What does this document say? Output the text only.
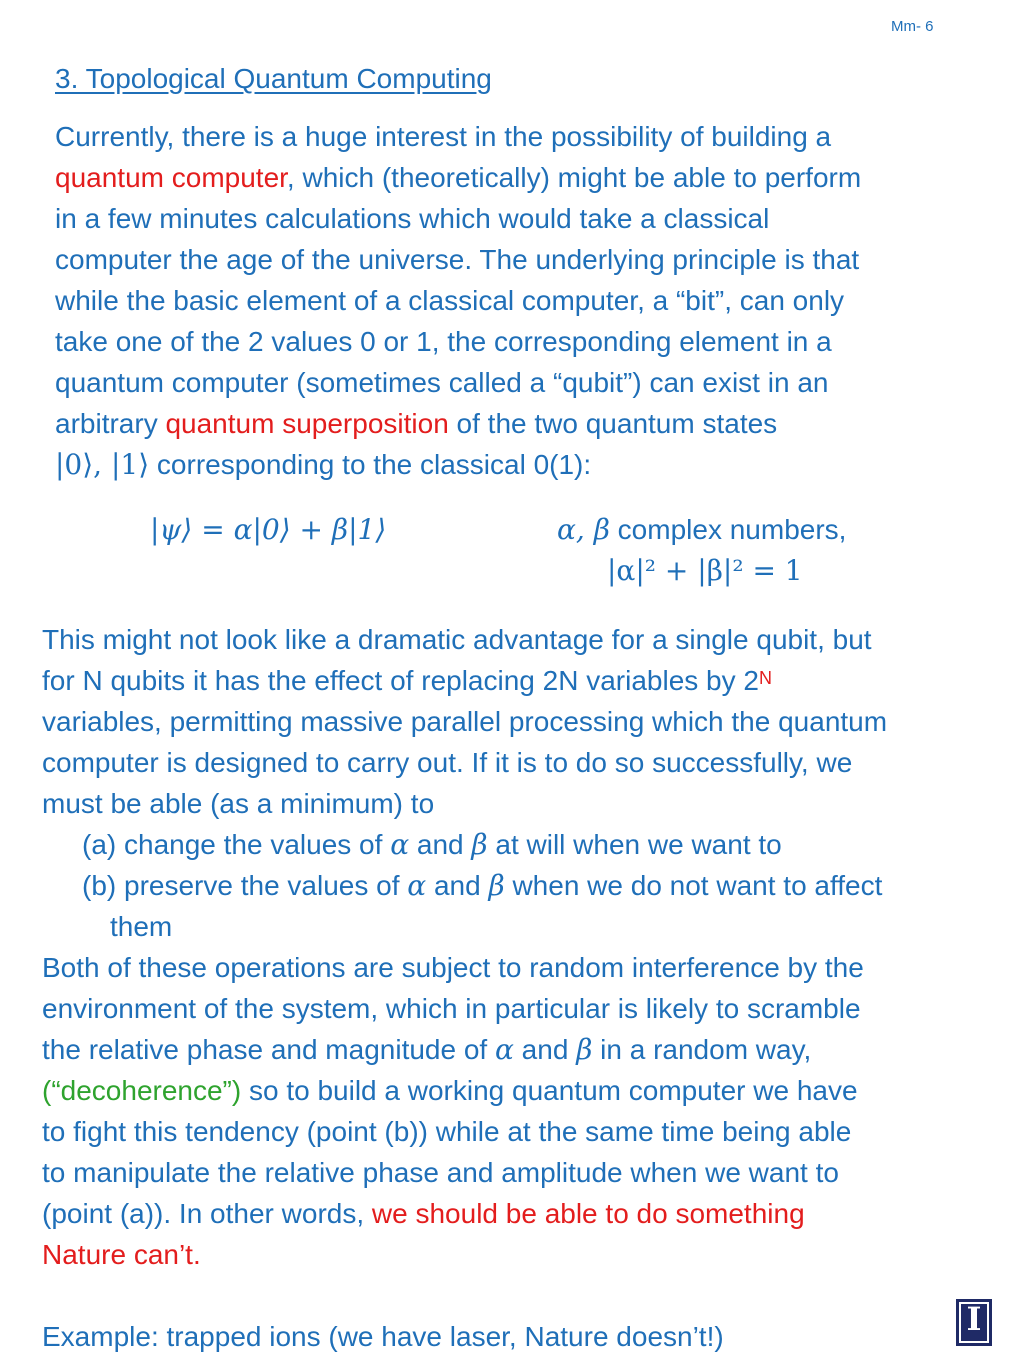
Mm- 6
3. Topological Quantum Computing
Currently, there is a huge interest in the possibility of building a
quantum computer, which (theoretically) might be able to perform
in a few minutes calculations which would take a classical
computer the age of the universe. The underlying principle is that
while the basic element of a classical computer, a “bit”, can only
take one of the 2 values 0 or 1, the corresponding element in a
quantum computer (sometimes called a “qubit”) can exist in an
arbitrary quantum superposition of the two quantum states
|0⟩, |1⟩ corresponding to the classical 0(1):
|ψ⟩ = α|0⟩ + β|1⟩	α, β complex numbers,
|α|² + |β|² = 1
This might not look like a dramatic advantage for a single qubit, but
for N qubits it has the effect of replacing 2N variables by $2^N$
variables, permitting massive parallel processing which the quantum
computer is designed to carry out. If it is to do so successfully, we
must be able (as a minimum) to
(a) change the values of α and β at will when we want to
(b) preserve the values of α and β when we do not want to affect
them
Both of these operations are subject to random interference by the
environment of the system, which in particular is likely to scramble
the relative phase and magnitude of α and β in a random way,
(“decoherence”) so to build a working quantum computer we have
to fight this tendency (point (b)) while at the same time being able
to manipulate the relative phase and amplitude when we want to
(point (a)). In other words, we should be able to do something
Nature can’t.
Example: trapped ions (we have laser, Nature doesn’t!)	I
